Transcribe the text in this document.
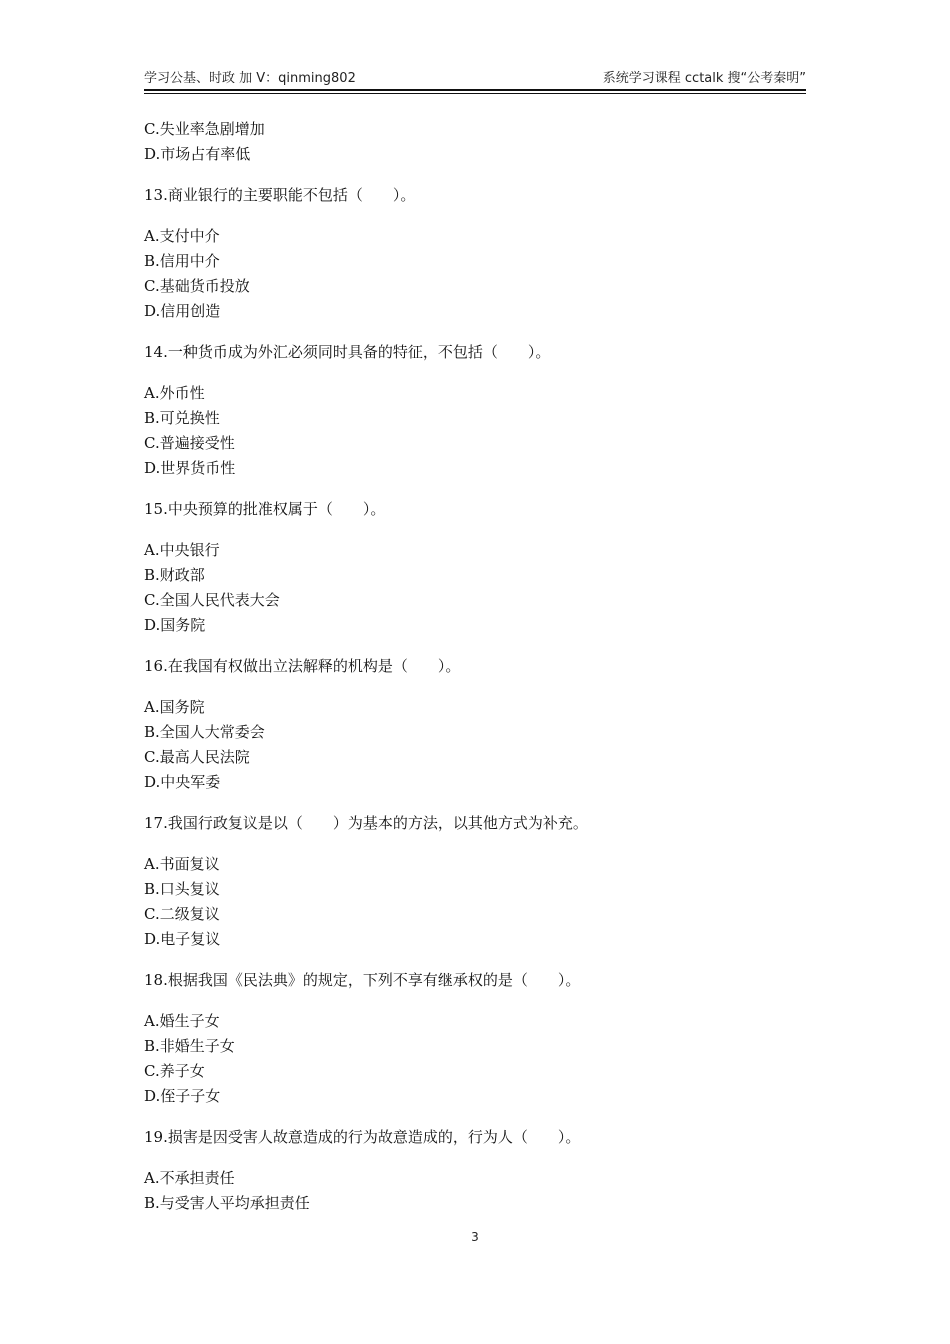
学习公基、时政 加 V：qinming802	系统学习课程 cctalk 搜“公考秦明”
C.失业率急剧增加
D.市场占有率低
13.商业银行的主要职能不包括（　　）。
A.支付中介
B.信用中介
C.基础货币投放
D.信用创造
14.一种货币成为外汇必须同时具备的特征，不包括（　　）。
A.外币性
B.可兑换性
C.普遍接受性
D.世界货币性
15.中央预算的批准权属于（　　）。
A.中央银行
B.财政部
C.全国人民代表大会
D.国务院
16.在我国有权做出立法解释的机构是（　　）。
A.国务院
B.全国人大常委会
C.最高人民法院
D.中央军委
17.我国行政复议是以（　　）为基本的方法，以其他方式为补充。
A.书面复议
B.口头复议
C.二级复议
D.电子复议
18.根据我国《民法典》的规定，下列不享有继承权的是（　　）。
A.婚生子女
B.非婚生子女
C.养子女
D.侄子子女
19.损害是因受害人故意造成的行为故意造成的，行为人（　　）。
A.不承担责任
B.与受害人平均承担责任
3
